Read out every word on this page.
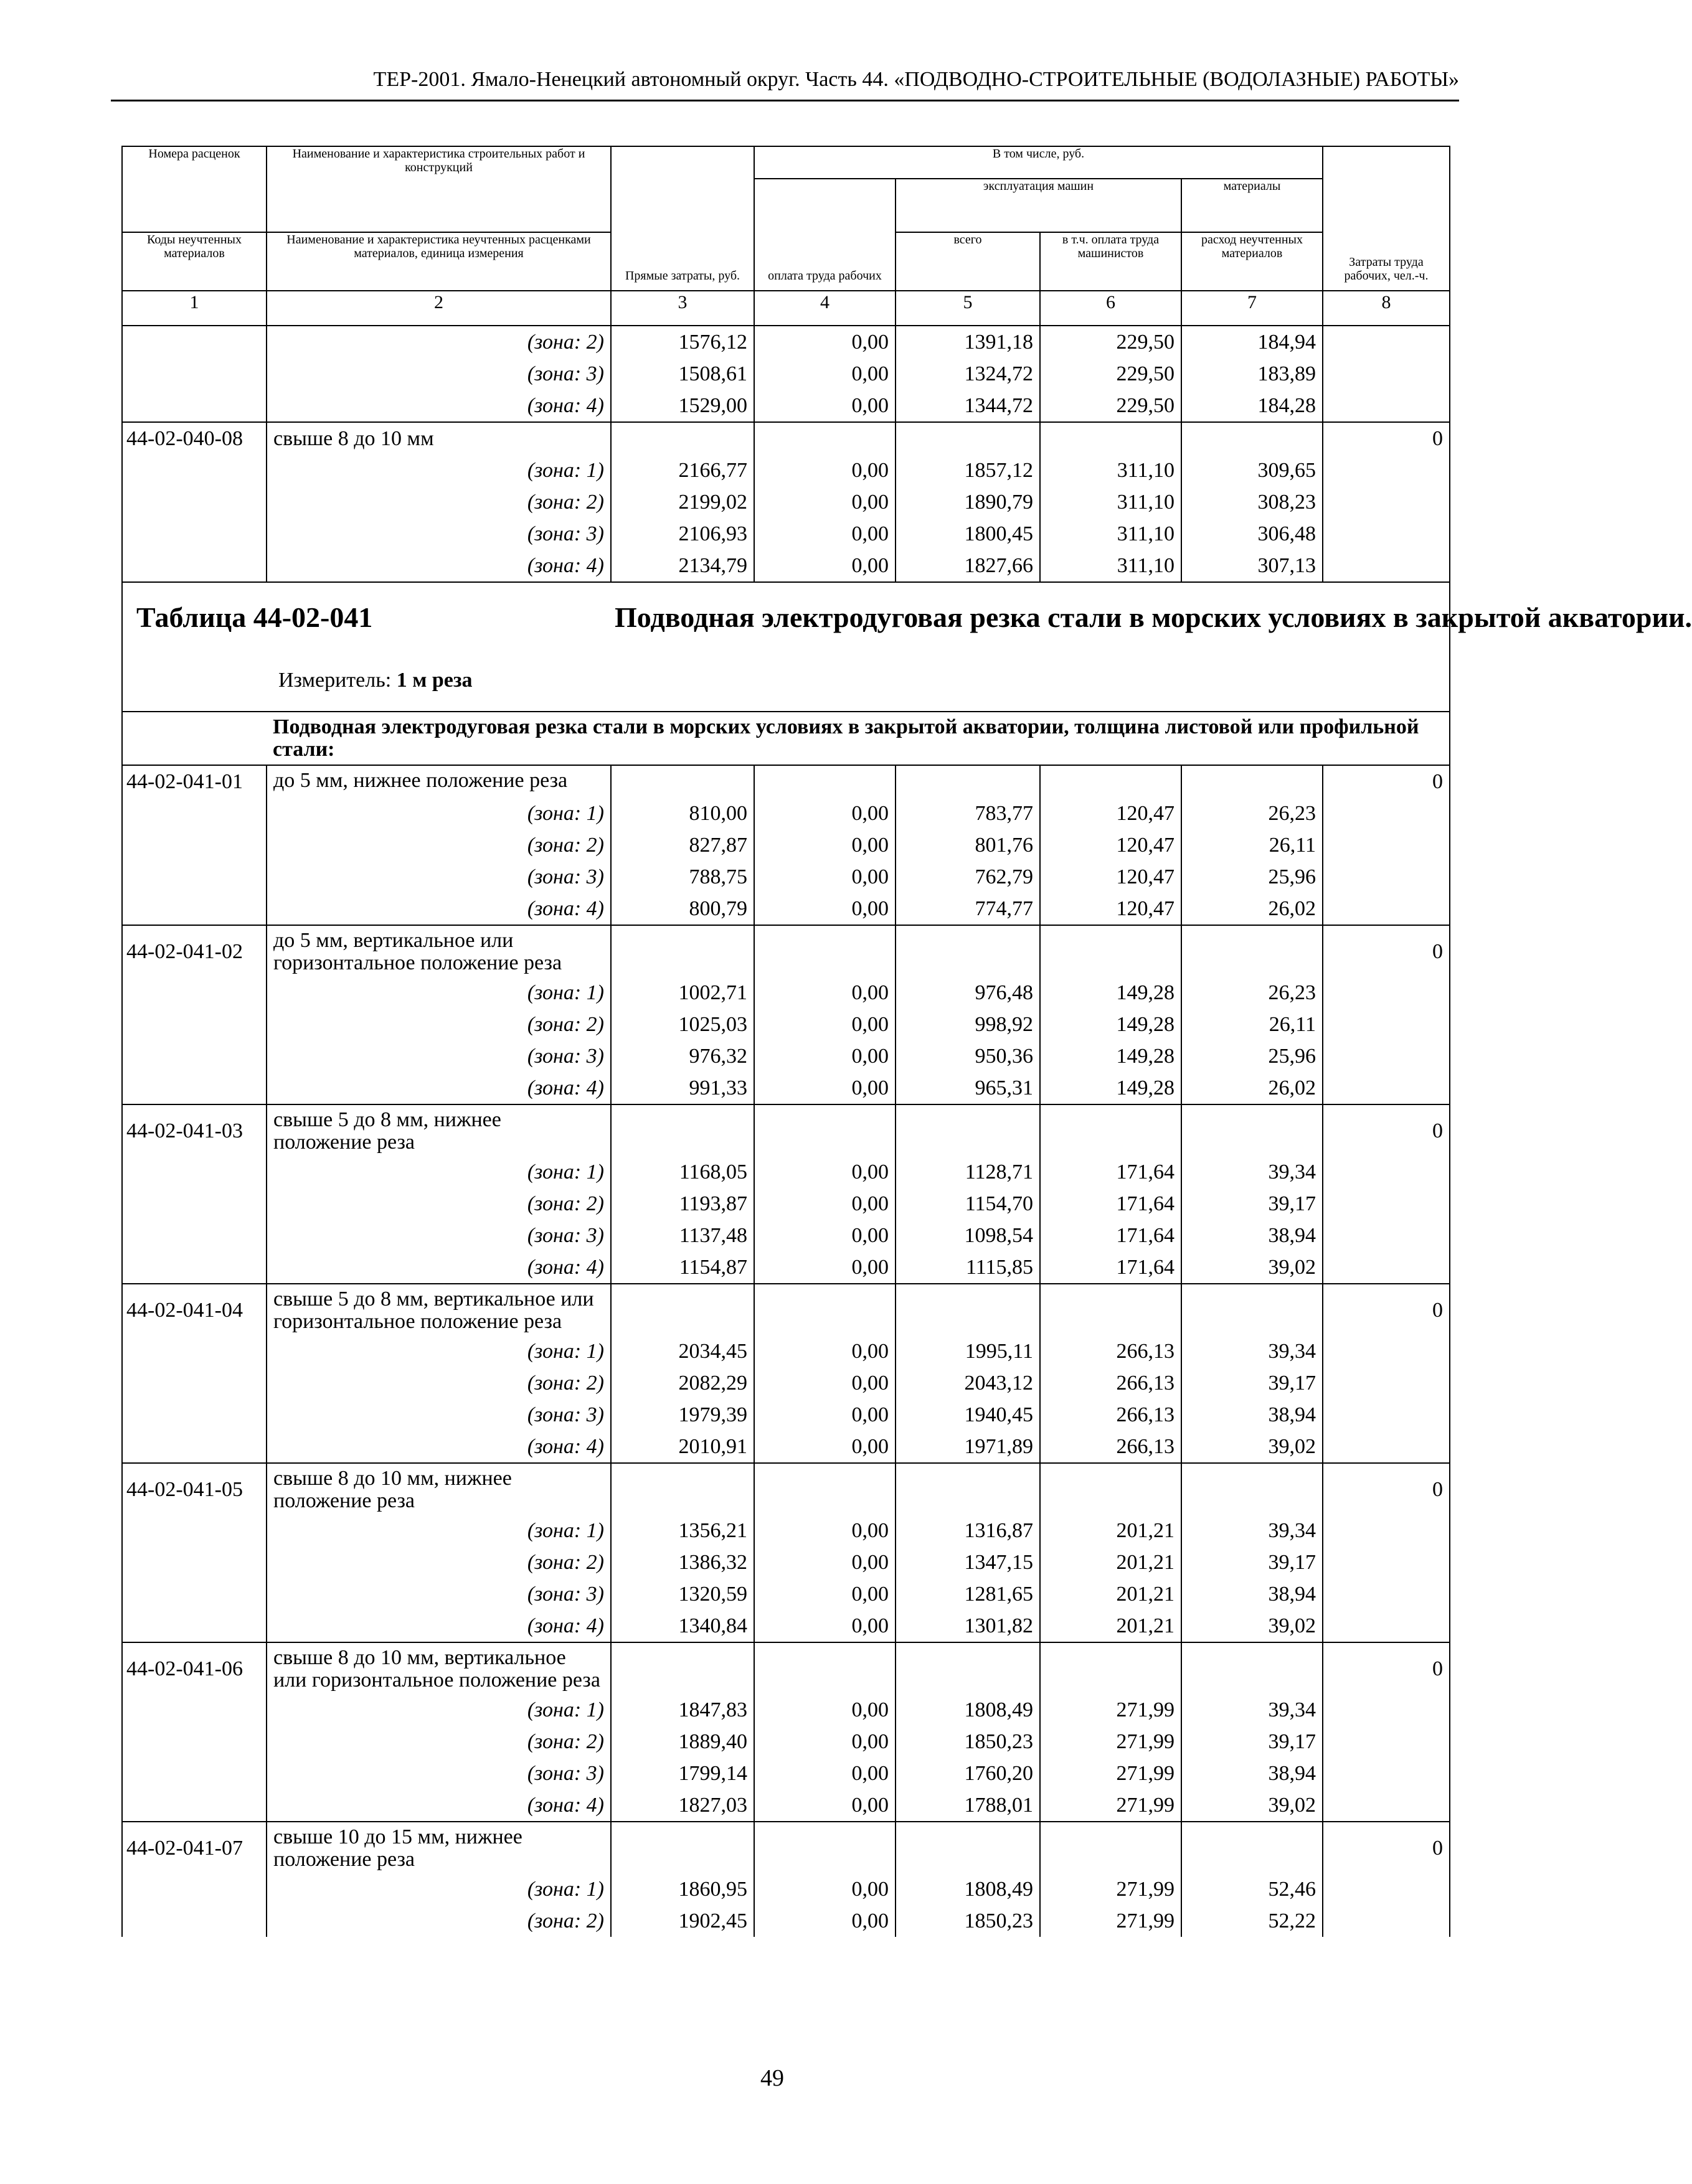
ТЕР-2001. Ямало-Ненецкий автономный округ. Часть 44. «ПОДВОДНО-СТРОИТЕЛЬНЫЕ (ВОДОЛАЗНЫЕ) РАБОТЫ»
Номера расценок	Наименование и характеристика строительных работ и конструкций	Прямые затраты, руб.	В том числе, руб.				Затраты труда рабочих, чел.-ч.
			оплата труда рабочих	эксплуатация машин		материалы	
Коды неучтенных материалов	Наименование и характеристика неучтенных расценками материалов, единица измерения			всего	в т.ч. оплата труда машинистов	расход неучтенных материалов	
1	2	3	4	5	6	7	8
	(зона: 2)	1576,12	0,00	1391,18	229,50	184,94	
	(зона: 3)	1508,61	0,00	1324,72	229,50	183,89	
	(зона: 4)	1529,00	0,00	1344,72	229,50	184,28	
44-02-040-08	свыше 8 до 10 мм						0
	(зона: 1)	2166,77	0,00	1857,12	311,10	309,65	
	(зона: 2)	2199,02	0,00	1890,79	311,10	308,23	
	(зона: 3)	2106,93	0,00	1800,45	311,10	306,48	
	(зона: 4)	2134,79	0,00	1827,66	311,10	307,13	

Таблица 44-02-041 Подводная электродуговая резка стали в морских условиях в закрытой акватории.
Измеритель: 1 м реза							

	Подводная электродуговая резка стали в морских условиях в закрытой акватории, толщина листовой или профильной стали:						
44-02-041-01	до 5 мм, нижнее положение реза						0
	(зона: 1)	810,00	0,00	783,77	120,47	26,23	
	(зона: 2)	827,87	0,00	801,76	120,47	26,11	
	(зона: 3)	788,75	0,00	762,79	120,47	25,96	
	(зона: 4)	800,79	0,00	774,77	120,47	26,02	
44-02-041-02	до 5 мм, вертикальное или горизонтальное положение реза						0
	(зона: 1)	1002,71	0,00	976,48	149,28	26,23	
	(зона: 2)	1025,03	0,00	998,92	149,28	26,11	
	(зона: 3)	976,32	0,00	950,36	149,28	25,96	
	(зона: 4)	991,33	0,00	965,31	149,28	26,02	
44-02-041-03	свыше 5 до 8 мм, нижнее положение реза						0
	(зона: 1)	1168,05	0,00	1128,71	171,64	39,34	
	(зона: 2)	1193,87	0,00	1154,70	171,64	39,17	
	(зона: 3)	1137,48	0,00	1098,54	171,64	38,94	
	(зона: 4)	1154,87	0,00	1115,85	171,64	39,02	
44-02-041-04	свыше 5 до 8 мм, вертикальное или горизонтальное положение реза						0
	(зона: 1)	2034,45	0,00	1995,11	266,13	39,34	
	(зона: 2)	2082,29	0,00	2043,12	266,13	39,17	
	(зона: 3)	1979,39	0,00	1940,45	266,13	38,94	
	(зона: 4)	2010,91	0,00	1971,89	266,13	39,02	
44-02-041-05	свыше 8 до 10 мм, нижнее положение реза						0
	(зона: 1)	1356,21	0,00	1316,87	201,21	39,34	
	(зона: 2)	1386,32	0,00	1347,15	201,21	39,17	
	(зона: 3)	1320,59	0,00	1281,65	201,21	38,94	
	(зона: 4)	1340,84	0,00	1301,82	201,21	39,02	
44-02-041-06	свыше 8 до 10 мм, вертикальное или горизонтальное положение реза						0
	(зона: 1)	1847,83	0,00	1808,49	271,99	39,34	
	(зона: 2)	1889,40	0,00	1850,23	271,99	39,17	
	(зона: 3)	1799,14	0,00	1760,20	271,99	38,94	
	(зона: 4)	1827,03	0,00	1788,01	271,99	39,02	
44-02-041-07	свыше 10 до 15 мм, нижнее положение реза						0
	(зона: 1)	1860,95	0,00	1808,49	271,99	52,46	
	(зона: 2)	1902,45	0,00	1850,23	271,99	52,22	
49
